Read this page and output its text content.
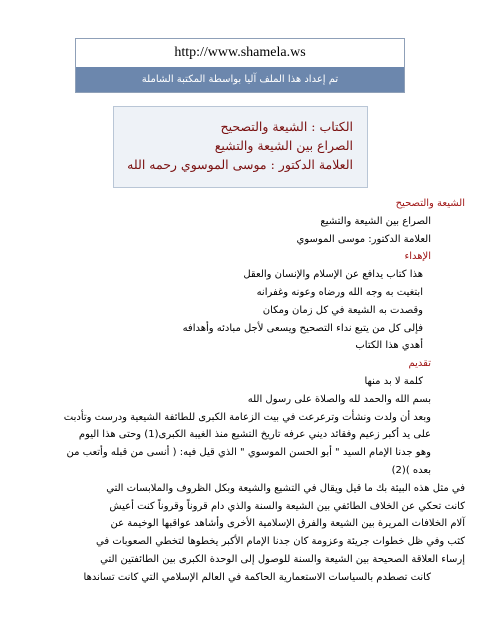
http://www.shamela.ws
تم إعداد هذا الملف آليا بواسطة المكتبة الشاملة
الكتاب : الشيعة والتصحيح
الصراع بين الشيعة والتشيع
العلامة الدكتور : موسى الموسوي رحمه الله
الشيعة والتصحيح
الصراع بين الشيعة والتشيع
العلامة الدكتور: موسى الموسوي
الإهداء
هذا كتاب يدافع عن الإسلام والإنسان والعقل
ابتغيت به وجه الله ورضاه وعونه وغفرانه
وقصدت به الشيعة في كل زمان ومكان
فإلى كل من يتبع نداء التصحيح ويسعى لأجل مبادئه وأهدافه
أهدي هذا الكتاب
تقديم
كلمة لا بد منها
بسم الله والحمد لله والصلاة على رسول الله
وبعد أن ولدت ونشأت وترعرعت في بيت الزعامة الكبرى للطائفة الشيعية ودرست وتأدبت
على يد أكبر زعيم وفقائد ديني عرفه تاريخ التشيع منذ الغيبة الكبرى(1) وحتى هذا اليوم
وهو جدنا الإمام السيد " أبو الحسن الموسوي " الذي قيل فيه: ( أنسى من قبله وأتعب من
بعده )(2)
في مثل هذه البيئة بك ما قيل ويقال في التشيع والشيعة وبكل الظروف والملابسات التي
كانت تحكي عن الخلاف الطائفي بين الشيعة والسنة والذي دام قروناً وقروناً كنت أعيش
آلام الخلافات المريرة بين الشيعة والفرق الإسلامية الأخرى وأشاهد عواقبها الوخيمة عن
كثب وفي ظل خطوات جريئة وعزومة كان جدنا الإمام الأكبر يخطوها لتخطي الصعوبات في
إرساء العلاقة الصحيحة بين الشيعة والسنة للوصول إلى الوحدة الكبرى بين الطائفتين التي
كانت تصطدم بالسياسات الاستعمارية الحاكمة في العالم الإسلامي التي كانت تساندها
